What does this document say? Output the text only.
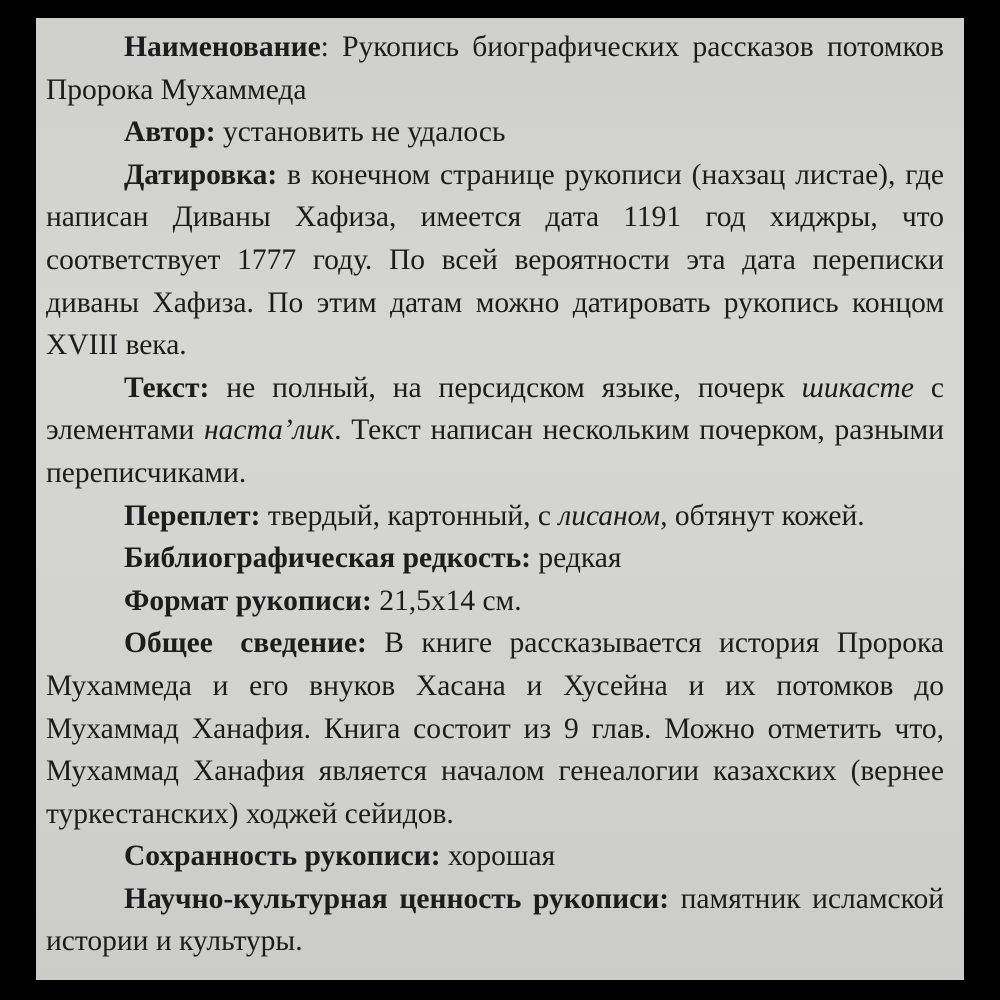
Наименование: Рукопись биографических рассказов потомков Пророка Мухаммеда

Автор: установить не удалось

Датировка: в конечном странице рукописи (нахзац листае), где написан Диваны Хафиза, имеется дата 1191 год хиджры, что соответствует 1777 году. По всей вероятности эта дата переписки диваны Хафиза. По этим датам можно датировать рукопись концом XVIII века.

Текст: не полный, на персидском языке, почерк шикасте с элементами наста’лик. Текст написан нескольким почерком, разными переписчиками.

Переплет: твердый, картонный, с лисаном, обтянут кожей.

Библиографическая редкость: редкая

Формат рукописи: 21,5х14 см.

Общее сведение: В книге рассказывается история Пророка Мухаммеда и его внуков Хасана и Хусейна и их потомков до Мухаммад Ханафия. Книга состоит из 9 глав. Можно отметить что, Мухаммад Ханафия является началом генеалогии казахских (вернее туркестанских) ходжей сейидов.

Сохранность рукописи: хорошая

Научно-культурная ценность рукописи: памятник исламской истории и культуры.
